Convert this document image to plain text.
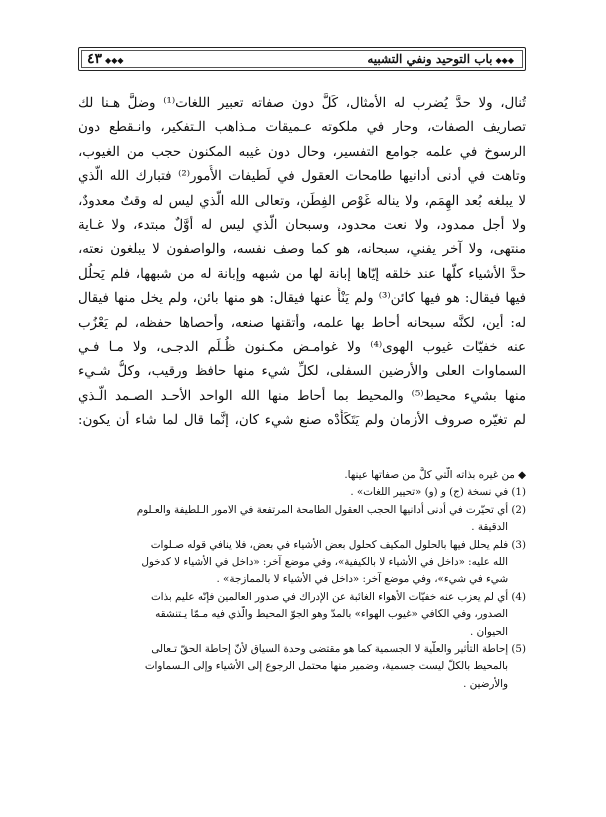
٤٣ ◆◆◆	◆◆◆باب التوحيد ونفي التشبيه
تُنال، ولا حدَّ يُضرب له الأمثال، كَلَّ دون صفاته تعبير اللغات⁽¹⁾ وضلَّ هـنا لك
تصاريف الصفات، وحار في ملكوته عـميقات مـذاهب الـتفكير، وانـقطع دون
الرسوخ في علمه جوامع التفسير، وحال دون غيبه المكنون حجب من الغيوب،
وتاهت في أدنى أدانيها طامحات العقول في لَطيفات الأُمور⁽²⁾ فتبارك الله الَّذي
لا يبلغه بُعد الهِمَم، ولا يناله غَوْص الفِطَن، وتعالى الله الَّذي ليس له وقتٌ معدودٌ،
ولا أجل ممدود، ولا نعت محدود، وسبحان الَّذي ليس له أوَّلٌ مبتدء، ولا غـاية
منتهى، ولا آخر يفني، سبحانه، هو كما وصف نفسه، والواصفون لا يبلغون نعته،
حدَّ الأشياء كلَّها عند خلقه إيّاها إبانة لها من شبهه وإبانة له من شبهها، فلم يَحلُل
فيها فيقال: هو فيها كائن⁽³⁾ ولم يَنْأَ عنها فيقال: هو منها بائن، ولم يخل منها فيقال
له: أين، لكنَّه سبحانه أحاط بها علمه، وأتقنها صنعه، وأحصاها حفظه، لم يَعْزُب
عنه خفيّات غيوب الهوى⁽⁴⁾ ولا غوامـض مكـنون ظُـلَم الدجـى، ولا مـا فـي
السماوات العلى والأرضين السفلى، لكلِّ شيء منها حافظ ورقيب، وكلُّ شـيء
منها بشيء محيط⁽⁵⁾ والمحيط بما أحاط منها الله الواحد الأحـد الصـمد الَّـذي
لم تغيّره صروف الأزمان ولم يَتَكَأَّدْه صنع شيء كان، إنَّما قال لما شاء أن يكون:
◆ من غيره بذاته الَّتي كلٌّ من صفاتها عينها.
(1) في نسخة (ج) و (و) «تحيير اللغات» .
(2) أي تحيّرت في أدنى أدانيها الحجب العقول الطامحة المرتفعة في الامور الـلطيفة والعـلوم
الدقيقة .
(3) فلم يحلل فيها بالحلول المكيف كحلول بعض الأشياء في بعض، فلا ينافي قوله صـلوات
الله عليه: «داخل في الأشياء لا بالكيفية»، وفي موضع آخر: «داخل في الأشياء لا كدخول
شيء في شيء»، وفي موضع آخر: «داخل في الأشياء لا بالممازجة» .
(4) أي لم يعزب عنه خفيّات الأهواء الغائبة عن الإدراك في صدور العالمين فإنّه عليم بذات
الصدور، وفي الكافي «غيوب الهواء» بالمدّ وهو الجوّ المحيط والّذي فيه مـمّا يـتنشقه
الحيوان .
(5) إحاطة التأثير والعلّية لا الجسمية كما هو مقتضى وحدة السياق لأنّ إحاطة الحقّ تـعالى
بالمحيط بالكلّ ليست جسمية، وضمير منها محتمل الرجوع إلى الأشياء وإلى الـسماوات
والأرضين .
